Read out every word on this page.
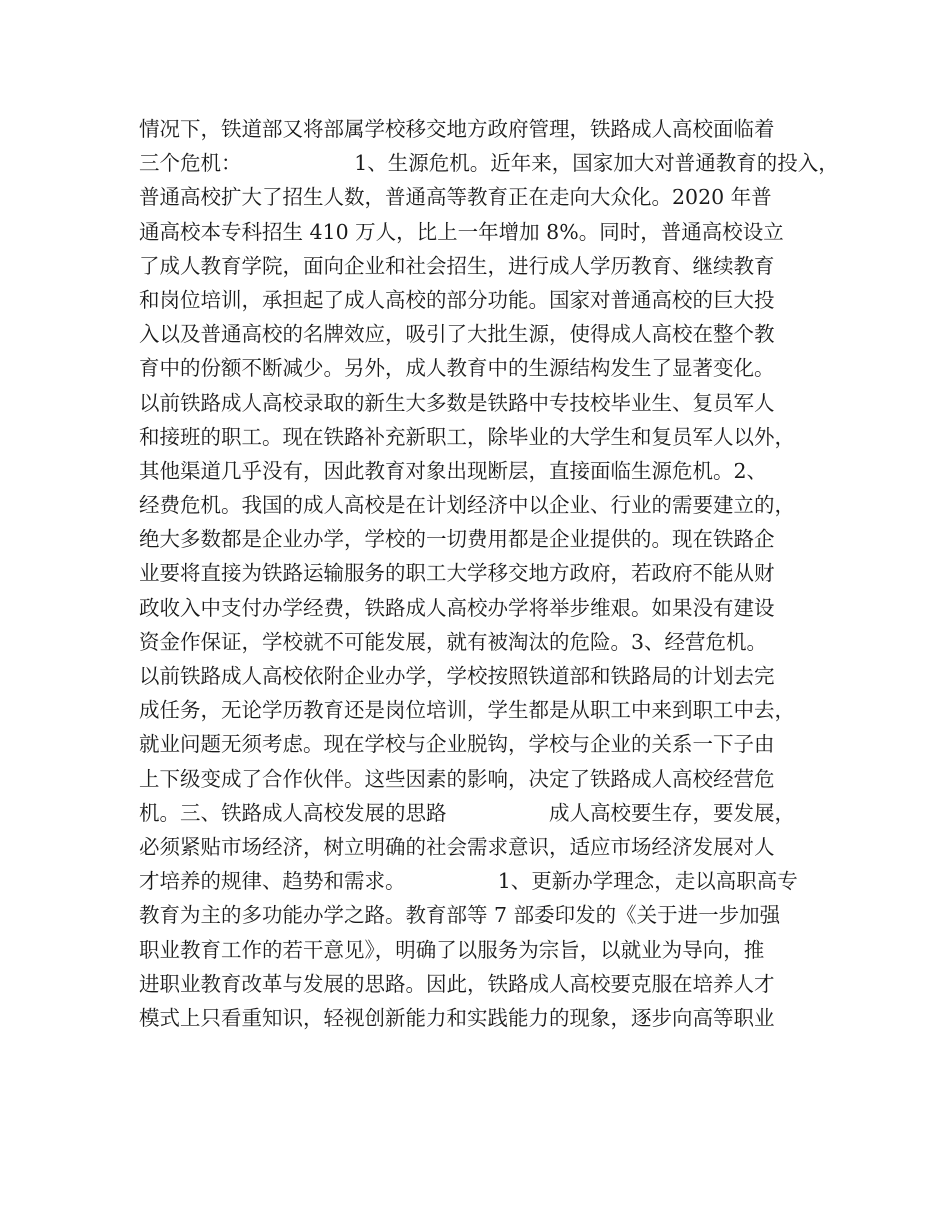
情况下，铁道部又将部属学校移交地方政府管理，铁路成人高校面临着
三个危机：　　　　　　1、生源危机。近年来，国家加大对普通教育的投入，
普通高校扩大了招生人数，普通高等教育正在走向大众化。2020 年普
通高校本专科招生 410 万人，比上一年增加 8%。同时，普通高校设立
了成人教育学院，面向企业和社会招生，进行成人学历教育、继续教育
和岗位培训，承担起了成人高校的部分功能。国家对普通高校的巨大投
入以及普通高校的名牌效应，吸引了大批生源，使得成人高校在整个教
育中的份额不断减少。另外，成人教育中的生源结构发生了显著变化。
以前铁路成人高校录取的新生大多数是铁路中专技校毕业生、复员军人
和接班的职工。现在铁路补充新职工，除毕业的大学生和复员军人以外，
其他渠道几乎没有，因此教育对象出现断层，直接面临生源危机。2、
经费危机。我国的成人高校是在计划经济中以企业、行业的需要建立的，
绝大多数都是企业办学，学校的一切费用都是企业提供的。现在铁路企
业要将直接为铁路运输服务的职工大学移交地方政府，若政府不能从财
政收入中支付办学经费，铁路成人高校办学将举步维艰。如果没有建设
资金作保证，学校就不可能发展，就有被淘汰的危险。3、经营危机。
以前铁路成人高校依附企业办学，学校按照铁道部和铁路局的计划去完
成任务，无论学历教育还是岗位培训，学生都是从职工中来到职工中去，
就业问题无须考虑。现在学校与企业脱钩，学校与企业的关系一下子由
上下级变成了合作伙伴。这些因素的影响，决定了铁路成人高校经营危
机。三、铁路成人高校发展的思路　　　　　成人高校要生存，要发展，
必须紧贴市场经济，树立明确的社会需求意识，适应市场经济发展对人
才培养的规律、趋势和需求。　　　　　1、更新办学理念，走以高职高专
教育为主的多功能办学之路。教育部等 7 部委印发的《关于进一步加强
职业教育工作的若干意见》，明确了以服务为宗旨，以就业为导向，推
进职业教育改革与发展的思路。因此，铁路成人高校要克服在培养人才
模式上只看重知识，轻视创新能力和实践能力的现象，逐步向高等职业
